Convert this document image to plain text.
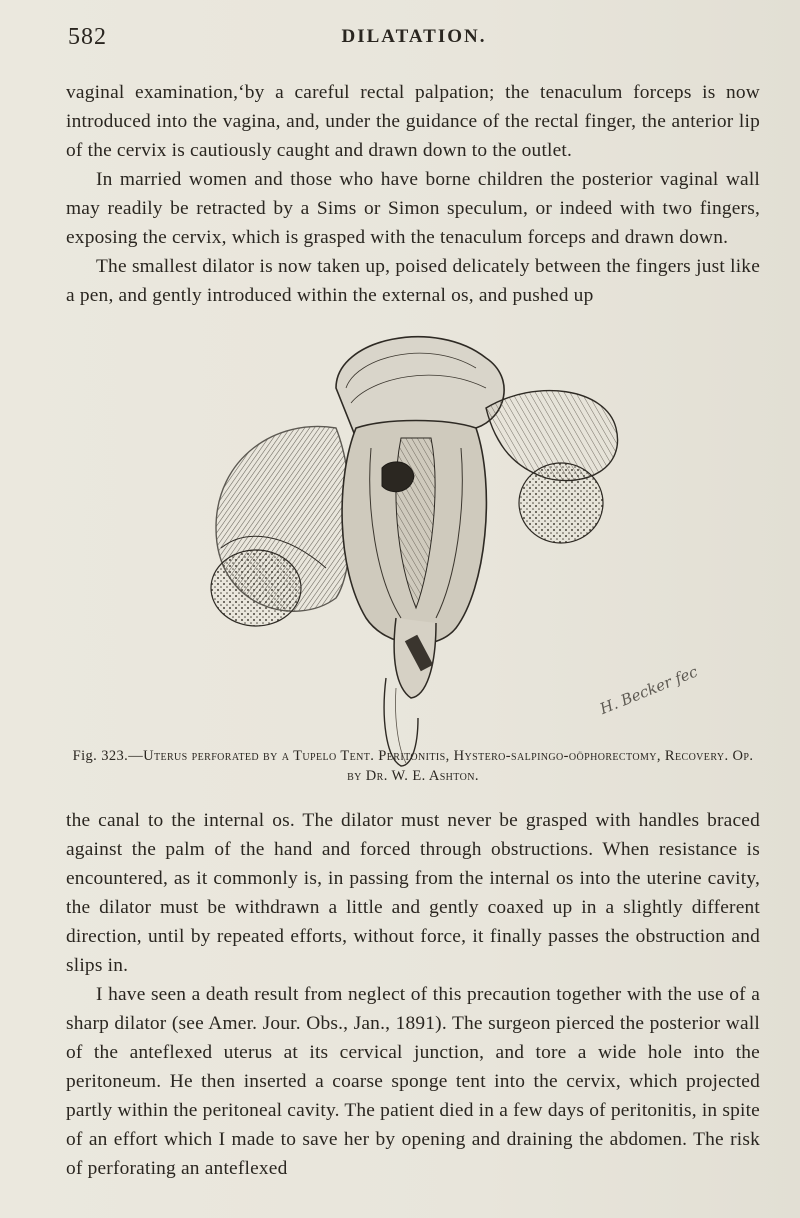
582	DILATATION.

vaginal examination,‘by a careful rectal palpation; the tenaculum forceps is now introduced into the vagina, and, under the guidance of the rectal finger, the anterior lip of the cervix is cautiously caught and drawn down to the outlet.

In married women and those who have borne children the posterior vaginal wall may readily be retracted by a Sims or Simon speculum, or indeed with two fingers, exposing the cervix, which is grasped with the tenaculum forceps and drawn down.

The smallest dilator is now taken up, poised delicately between the fingers just like a pen, and gently introduced within the external os, and pushed up

H. Becker fec
Fig. 323.—Uterus perforated by a Tupelo Tent. Peritonitis, Hystero-salpingo-oöphorectomy, Recovery. Op. by Dr. W. E. Ashton.

the canal to the internal os. The dilator must never be grasped with handles braced against the palm of the hand and forced through obstructions. When resistance is encountered, as it commonly is, in passing from the internal os into the uterine cavity, the dilator must be withdrawn a little and gently coaxed up in a slightly different direction, until by repeated efforts, without force, it finally passes the obstruction and slips in.

I have seen a death result from neglect of this precaution together with the use of a sharp dilator (see Amer. Jour. Obs., Jan., 1891). The surgeon pierced the posterior wall of the anteflexed uterus at its cervical junction, and tore a wide hole into the peritoneum. He then inserted a coarse sponge tent into the cervix, which projected partly within the peritoneal cavity. The patient died in a few days of peritonitis, in spite of an effort which I made to save her by opening and draining the abdomen. The risk of perforating an anteflexed
